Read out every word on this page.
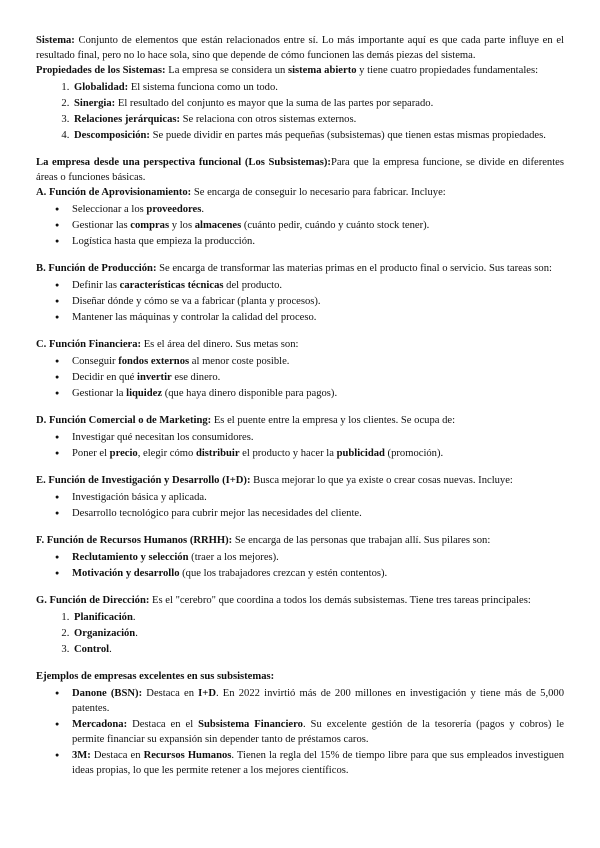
Sistema: Conjunto de elementos que están relacionados entre sí. Lo más importante aquí es que cada parte influye en el resultado final, pero no lo hace sola, sino que depende de cómo funcionen las demás piezas del sistema.

Propiedades de los Sistemas: La empresa se considera un sistema abierto y tiene cuatro propiedades fundamentales:

1. Globalidad: El sistema funciona como un todo.
2. Sinergia: El resultado del conjunto es mayor que la suma de las partes por separado.
3. Relaciones jerárquicas: Se relaciona con otros sistemas externos.
4. Descomposición: Se puede dividir en partes más pequeñas (subsistemas) que tienen estas mismas propiedades.

La empresa desde una perspectiva funcional (Los Subsistemas):Para que la empresa funcione, se divide en diferentes áreas o funciones básicas.

A. Función de Aprovisionamiento: Se encarga de conseguir lo necesario para fabricar. Incluye:

● Seleccionar a los proveedores.
● Gestionar las compras y los almacenes (cuánto pedir, cuándo y cuánto stock tener).
● Logística hasta que empieza la producción.

B. Función de Producción: Se encarga de transformar las materias primas en el producto final o servicio. Sus tareas son:

● Definir las características técnicas del producto.
● Diseñar dónde y cómo se va a fabricar (planta y procesos).
● Mantener las máquinas y controlar la calidad del proceso.

C. Función Financiera: Es el área del dinero. Sus metas son:

● Conseguir fondos externos al menor coste posible.
● Decidir en qué invertir ese dinero.
● Gestionar la liquidez (que haya dinero disponible para pagos).

D. Función Comercial o de Marketing: Es el puente entre la empresa y los clientes. Se ocupa de:

● Investigar qué necesitan los consumidores.
● Poner el precio, elegir cómo distribuir el producto y hacer la publicidad (promoción).

E. Función de Investigación y Desarrollo (I+D): Busca mejorar lo que ya existe o crear cosas nuevas. Incluye:

● Investigación básica y aplicada.
● Desarrollo tecnológico para cubrir mejor las necesidades del cliente.

F. Función de Recursos Humanos (RRHH): Se encarga de las personas que trabajan allí. Sus pilares son:

● Reclutamiento y selección (traer a los mejores).
● Motivación y desarrollo (que los trabajadores crezcan y estén contentos).

G. Función de Dirección: Es el "cerebro" que coordina a todos los demás subsistemas. Tiene tres tareas principales:

1. Planificación.
2. Organización.
3. Control.

Ejemplos de empresas excelentes en sus subsistemas:

● Danone (BSN): Destaca en I+D. En 2022 invirtió más de 200 millones en investigación y tiene más de 5,000 patentes.
● Mercadona: Destaca en el Subsistema Financiero. Su excelente gestión de la tesorería (pagos y cobros) le permite financiar su expansión sin depender tanto de préstamos caros.
● 3M: Destaca en Recursos Humanos. Tienen la regla del 15% de tiempo libre para que sus empleados investiguen ideas propias, lo que les permite retener a los mejores científicos.
